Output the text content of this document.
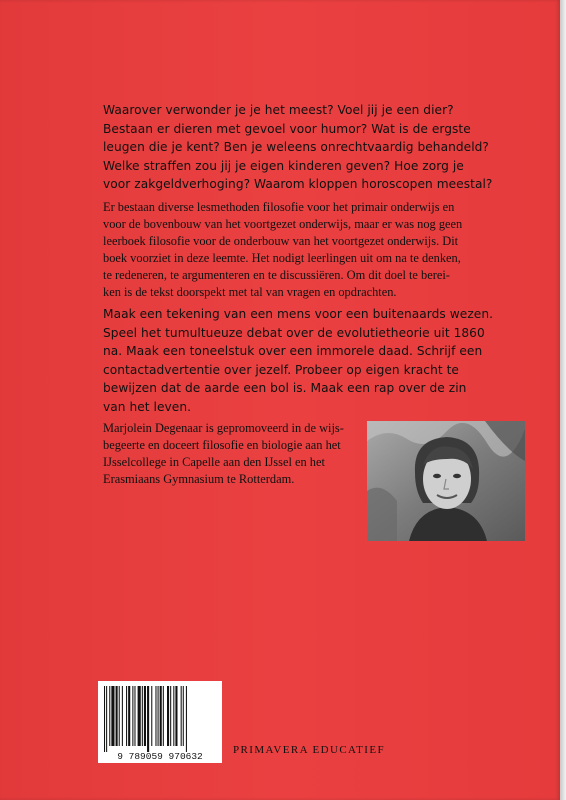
Waarover verwonder je je het meest? Voel jij je een dier?
Bestaan er dieren met gevoel voor humor? Wat is de ergste
leugen die je kent? Ben je weleens onrechtvaardig behandeld?
Welke straffen zou jij je eigen kinderen geven? Hoe zorg je
voor zakgeldverhoging? Waarom kloppen horoscopen meestal?
Er bestaan diverse lesmethoden filosofie voor het primair onderwijs en
voor de bovenbouw van het voortgezet onderwijs, maar er was nog geen
leerboek filosofie voor de onderbouw van het voortgezet onderwijs. Dit
boek voorziet in deze leemte. Het nodigt leerlingen uit om na te denken,
te redeneren, te argumenteren en te discussiëren. Om dit doel te berei-
ken is de tekst doorspekt met tal van vragen en opdrachten.
Maak een tekening van een mens voor een buitenaards wezen.
Speel het tumultueuze debat over de evolutietheorie uit 1860
na. Maak een toneelstuk over een immorele daad. Schrijf een
contactadvertentie over jezelf. Probeer op eigen kracht te
bewijzen dat de aarde een bol is. Maak een rap over de zin
van het leven.
Marjolein Degenaar is gepromoveerd in de wijs-
begeerte en doceert filosofie en biologie aan het
IJsselcollege in Capelle aan den IJssel en het
Erasmiaans Gymnasium te Rotterdam.
9 789059 970632
PRIMAVERA EDUCATIEF
